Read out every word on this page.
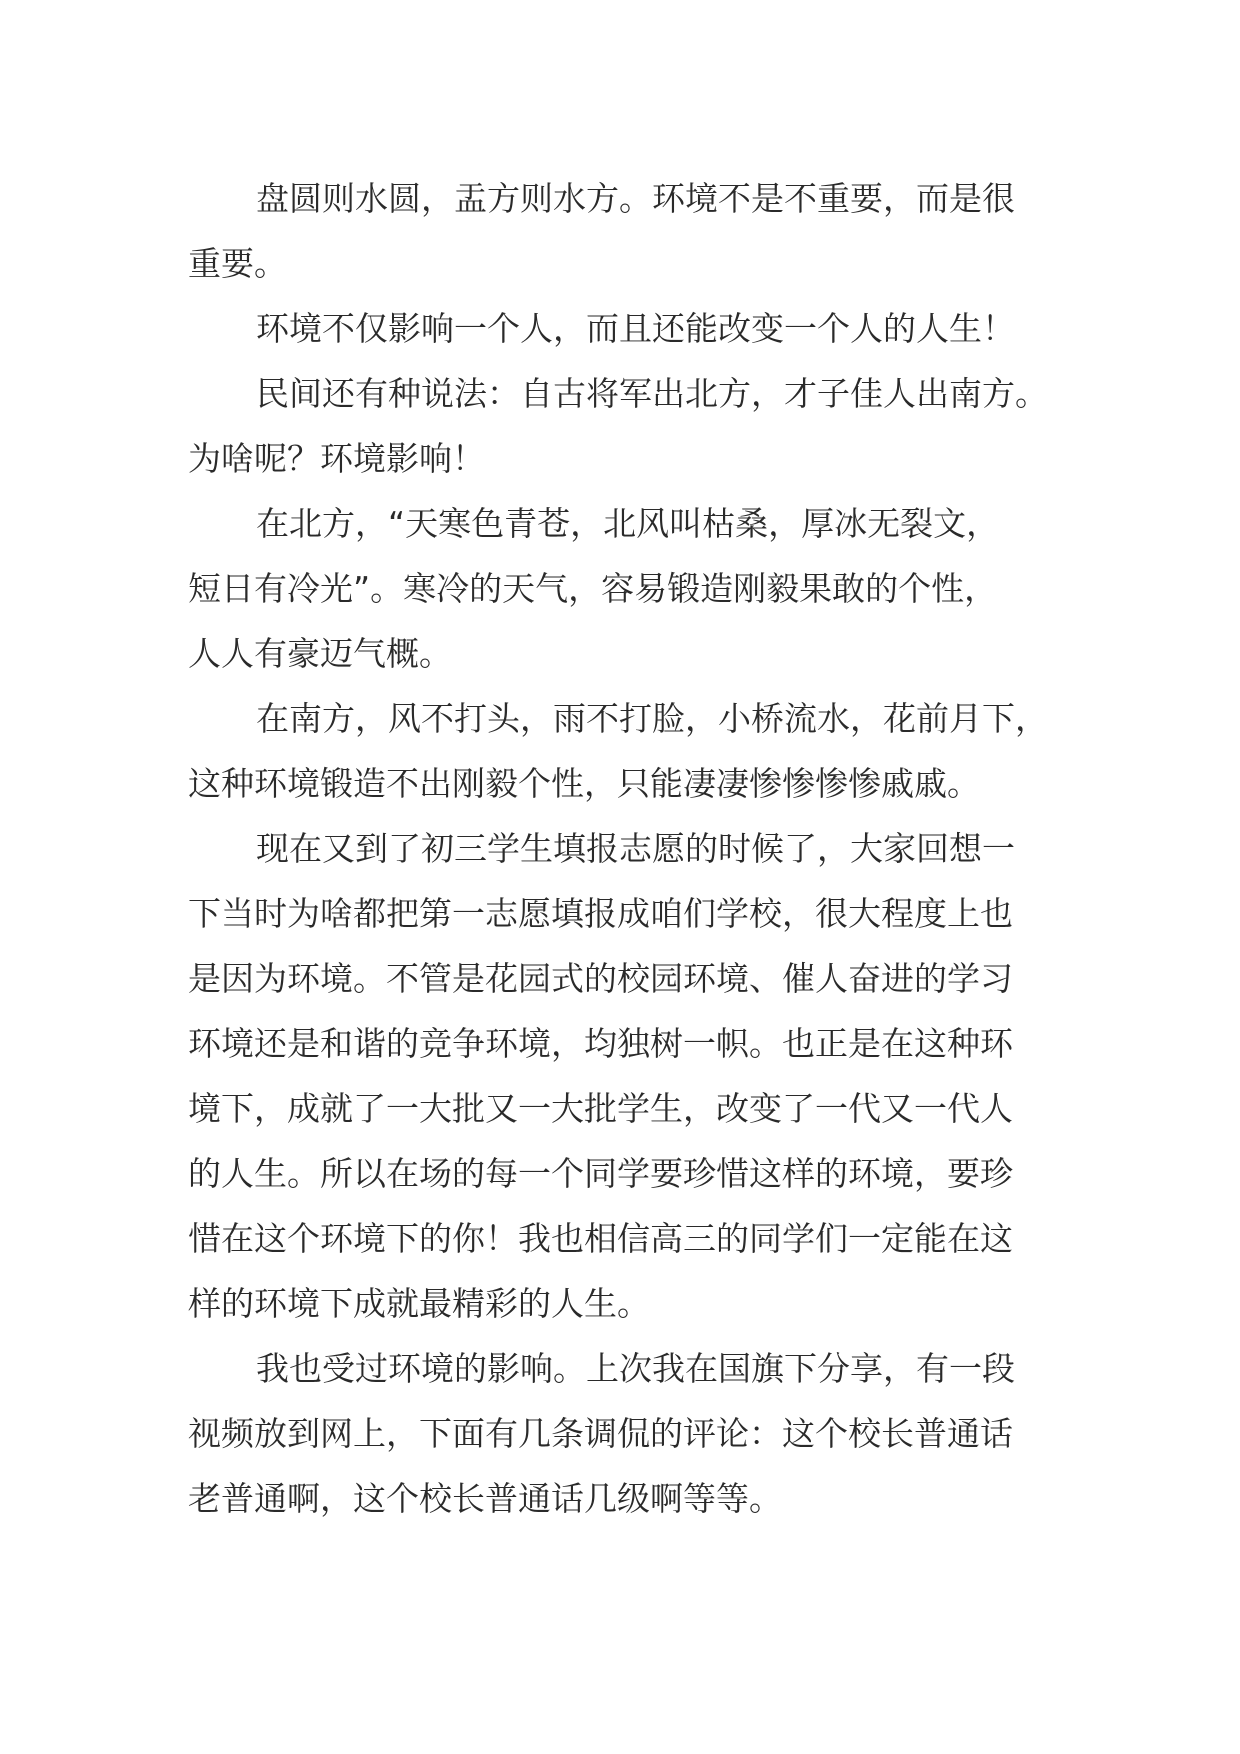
盘圆则水圆，盂方则水方。环境不是不重要，而是很
重要。
环境不仅影响一个人，而且还能改变一个人的人生！
民间还有种说法：自古将军出北方，才子佳人出南方。
为啥呢？环境影响！
在北方，“天寒色青苍，北风叫枯桑，厚冰无裂文，
短日有冷光”。寒冷的天气，容易锻造刚毅果敢的个性，
人人有豪迈气概。
在南方，风不打头，雨不打脸，小桥流水，花前月下，
这种环境锻造不出刚毅个性，只能凄凄惨惨惨惨戚戚。
现在又到了初三学生填报志愿的时候了，大家回想一
下当时为啥都把第一志愿填报成咱们学校，很大程度上也
是因为环境。不管是花园式的校园环境、催人奋进的学习
环境还是和谐的竞争环境，均独树一帜。也正是在这种环
境下，成就了一大批又一大批学生，改变了一代又一代人
的人生。所以在场的每一个同学要珍惜这样的环境，要珍
惜在这个环境下的你！我也相信高三的同学们一定能在这
样的环境下成就最精彩的人生。
我也受过环境的影响。上次我在国旗下分享，有一段
视频放到网上，下面有几条调侃的评论：这个校长普通话
老普通啊，这个校长普通话几级啊等等。
